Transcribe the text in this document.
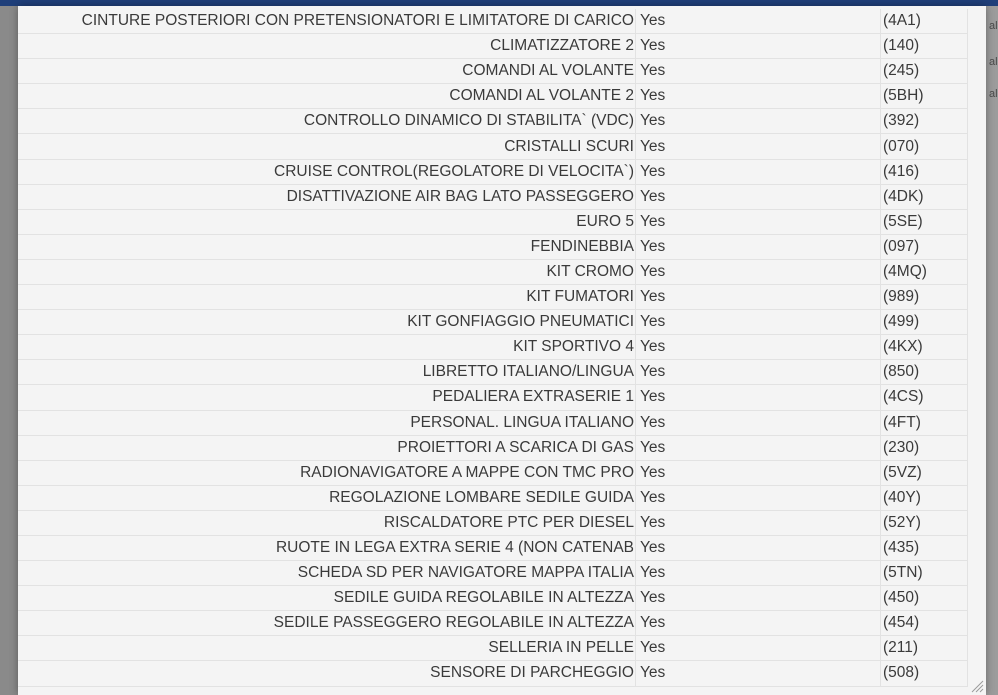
al
al
al
CINTURE POSTERIORI CON PRETENSIONATORI E LIMITATORE DI CARICO Yes	(4A1)
CLIMATIZZATORE 2 Yes	(140)
COMANDI AL VOLANTE Yes	(245)
COMANDI AL VOLANTE 2 Yes	(5BH)
CONTROLLO DINAMICO DI STABILITA` (VDC) Yes	(392)
CRISTALLI SCURI Yes	(070)
CRUISE CONTROL(REGOLATORE DI VELOCITA`) Yes	(416)
DISATTIVAZIONE AIR BAG LATO PASSEGGERO Yes	(4DK)
EURO 5 Yes	(5SE)
FENDINEBBIA Yes	(097)
KIT CROMO Yes	(4MQ)
KIT FUMATORI Yes	(989)
KIT GONFIAGGIO PNEUMATICI Yes	(499)
KIT SPORTIVO 4 Yes	(4KX)
LIBRETTO ITALIANO/LINGUA Yes	(850)
PEDALIERA EXTRASERIE 1 Yes	(4CS)
PERSONAL. LINGUA ITALIANO Yes	(4FT)
PROIETTORI A SCARICA DI GAS Yes	(230)
RADIONAVIGATORE A MAPPE CON TMC PRO Yes	(5VZ)
REGOLAZIONE LOMBARE SEDILE GUIDA Yes	(40Y)
RISCALDATORE PTC PER DIESEL Yes	(52Y)
RUOTE IN LEGA EXTRA SERIE 4 (NON CATENAB Yes	(435)
SCHEDA SD PER NAVIGATORE MAPPA ITALIA Yes	(5TN)
SEDILE GUIDA REGOLABILE IN ALTEZZA Yes	(450)
SEDILE PASSEGGERO REGOLABILE IN ALTEZZA Yes	(454)
SELLERIA IN PELLE Yes	(211)
SENSORE DI PARCHEGGIO Yes	(508)
